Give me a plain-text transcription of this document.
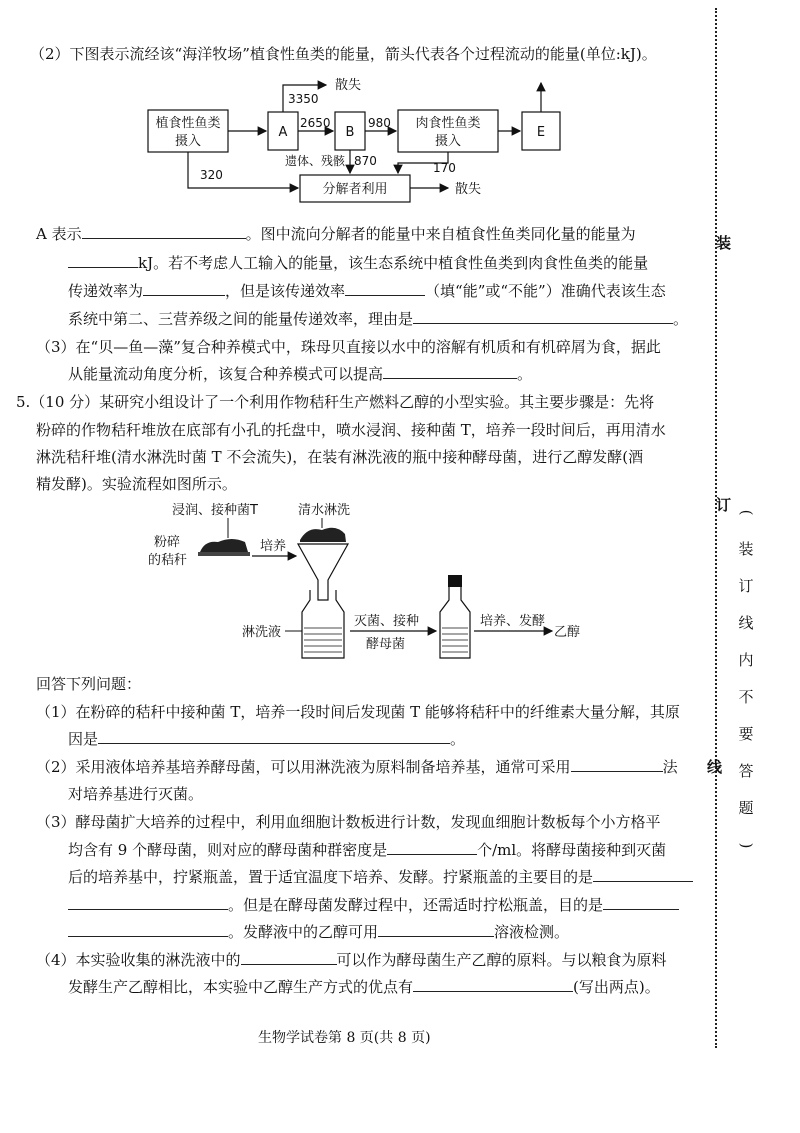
（2）下图表示流经该“海洋牧场”植食性鱼类的能量，箭头代表各个过程流动的能量(单位:kJ)。
植食性鱼类
摄入
A	B
肉食性鱼类
摄入
E
分解者利用
散失
3350
2650	980
遗体、残骸 870	170
320
散失
A 表示	。图中流向分解者的能量中来自植食性鱼类同化量的能量为
kJ。若不考虑人工输入的能量，该生态系统中植食性鱼类到肉食性鱼类的能量
传递效率为	，但是该传递效率	（填“能”或“不能”）准确代表该生态
系统中第二、三营养级之间的能量传递效率，理由是	。
（3）在“贝—鱼—藻”复合种养模式中，珠母贝直接以水中的溶解有机质和有机碎屑为食，据此
从能量流动角度分析，该复合种养模式可以提高	。
5.（10 分）某研究小组设计了一个利用作物秸秆生产燃料乙醇的小型实验。其主要步骤是：先将
粉碎的作物秸秆堆放在底部有小孔的托盘中，喷水浸润、接种菌 T，培养一段时间后，再用清水
淋洗秸秆堆(清水淋洗时菌 T 不会流失)，在装有淋洗液的瓶中接种酵母菌，进行乙醇发酵(酒
精发酵)。实验流程如图所示。
浸润、接种菌T	清水淋洗
粉碎
的秸秆
培养
淋洗液
灭菌、接种
酵母菌
培养、发酵
乙醇
回答下列问题：
（1）在粉碎的秸秆中接种菌 T，培养一段时间后发现菌 T 能够将秸秆中的纤维素大量分解，其原
因是	。
（2）采用液体培养基培养酵母菌，可以用淋洗液为原料制备培养基，通常可采用	法
对培养基进行灭菌。
（3）酵母菌扩大培养的过程中，利用血细胞计数板进行计数，发现血细胞计数板每个小方格平
均含有 9 个酵母菌，则对应的酵母菌种群密度是	个/ml。将酵母菌接种到灭菌
后的培养基中，拧紧瓶盖，置于适宜温度下培养、发酵。拧紧瓶盖的主要目的是
。但是在酵母菌发酵过程中，还需适时拧松瓶盖，目的是
。发酵液中的乙醇可用	溶液检测。
（4）本实验收集的淋洗液中的	可以作为酵母菌生产乙醇的原料。与以粮食为原料
发酵生产乙醇相比，本实验中乙醇生产方式的优点有	(写出两点)。
生物学试卷第 8 页(共 8 页)
装
订
线
(
装
订
线
内
不
要
答
题
)
